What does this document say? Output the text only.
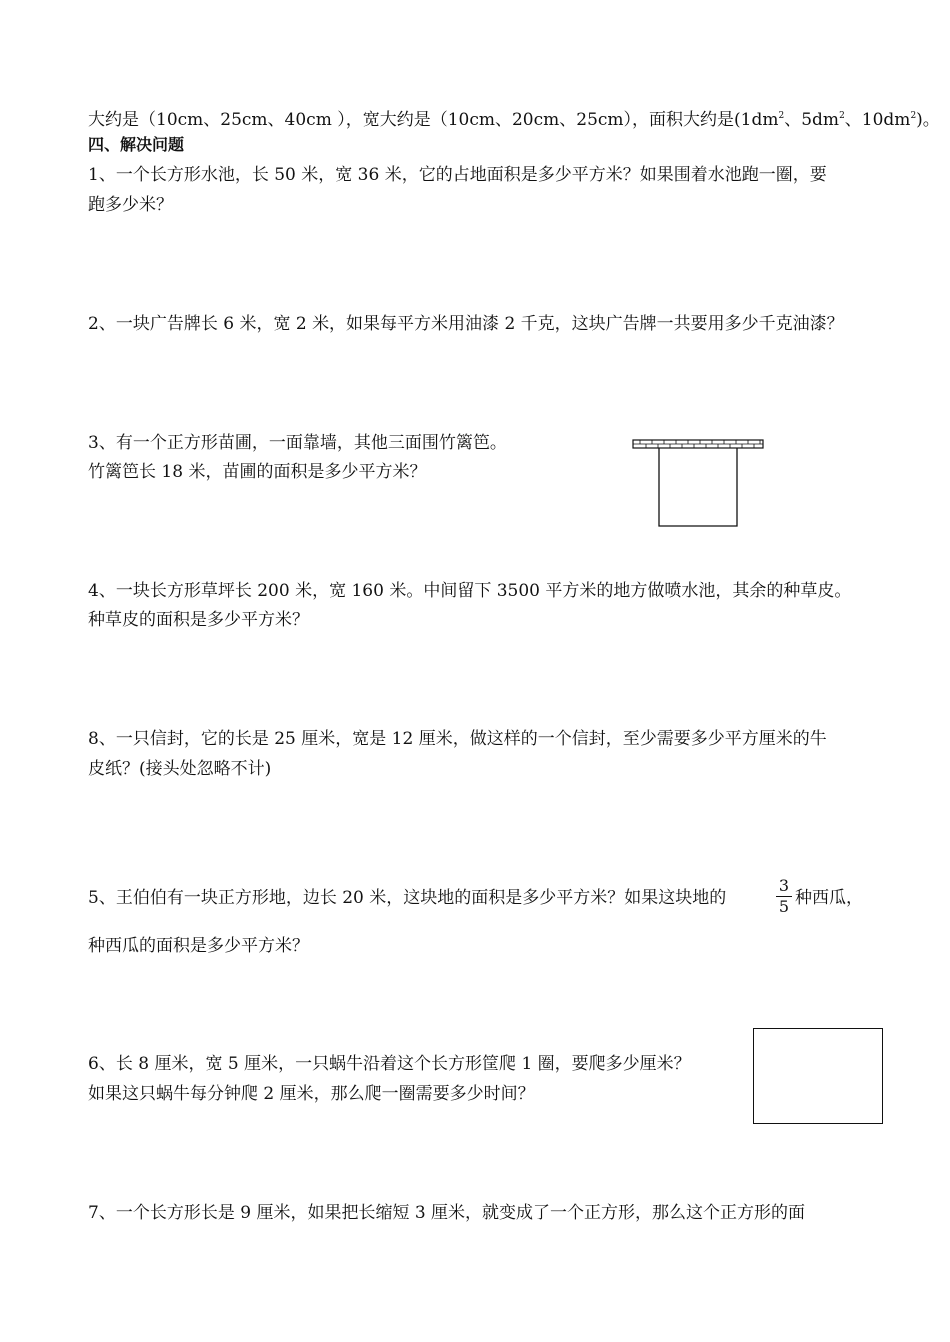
大约是（10cm、25cm、40cm ），宽大约是（10cm、20cm、25cm），面积大约是($1dm^2$、$5dm^2$、$10dm^2$)。
四、解决问题
1、一个长方形水池，长 50 米，宽 36 米，它的占地面积是多少平方米？如果围着水池跑一圈，要
跑多少米？
2、一块广告牌长 6 米，宽 2 米，如果每平方米用油漆 2 千克，这块广告牌一共要用多少千克油漆？
3、有一个正方形苗圃，一面靠墙，其他三面围竹篱笆。
竹篱笆长 18 米，苗圃的面积是多少平方米？
4、一块长方形草坪长 200 米，宽 160 米。中间留下 3500 平方米的地方做喷水池，其余的种草皮。
种草皮的面积是多少平方米？
8、一只信封，它的长是 25 厘米，宽是 12 厘米，做这样的一个信封，至少需要多少平方厘米的牛
皮纸？(接头处忽略不计)
5、王伯伯有一块正方形地，边长 20 米，这块地的面积是多少平方米？如果这块地的
3
5 种西瓜，
种西瓜的面积是多少平方米？
6、长 8 厘米，宽 5 厘米，一只蜗牛沿着这个长方形筐爬 1 圈，要爬多少厘米？
如果这只蜗牛每分钟爬 2 厘米，那么爬一圈需要多少时间？
7、一个长方形长是 9 厘米，如果把长缩短 3 厘米，就变成了一个正方形，那么这个正方形的面
